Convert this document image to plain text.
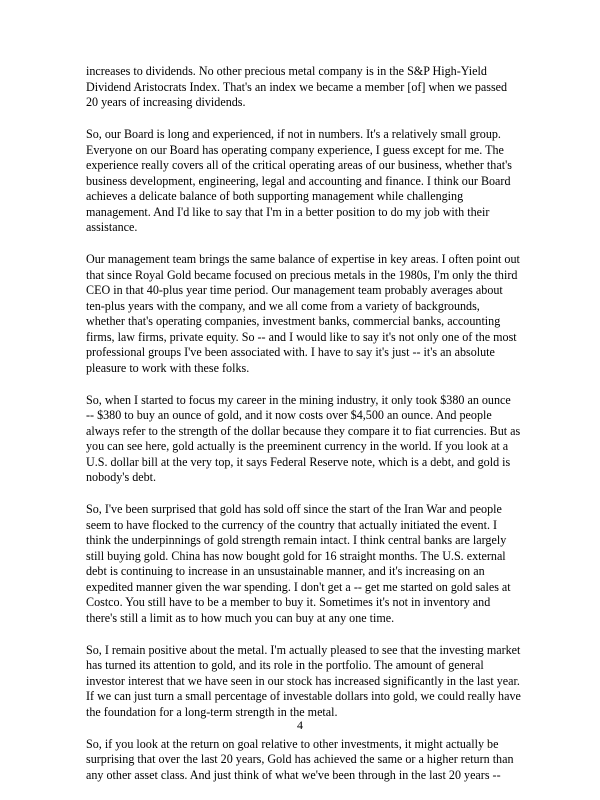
increases to dividends. No other precious metal company is in the S&P High-Yield
Dividend Aristocrats Index. That's an index we became a member [of] when we passed
20 years of increasing dividends.

So, our Board is long and experienced, if not in numbers. It's a relatively small group.
Everyone on our Board has operating company experience, I guess except for me. The
experience really covers all of the critical operating areas of our business, whether that's
business development, engineering, legal and accounting and finance. I think our Board
achieves a delicate balance of both supporting management while challenging
management. And I'd like to say that I'm in a better position to do my job with their
assistance.

Our management team brings the same balance of expertise in key areas. I often point out
that since Royal Gold became focused on precious metals in the 1980s, I'm only the third
CEO in that 40-plus year time period. Our management team probably averages about
ten-plus years with the company, and we all come from a variety of backgrounds,
whether that's operating companies, investment banks, commercial banks, accounting
firms, law firms, private equity. So -- and I would like to say it's not only one of the most
professional groups I've been associated with. I have to say it's just -- it's an absolute
pleasure to work with these folks.

So, when I started to focus my career in the mining industry, it only took $380 an ounce
-- $380 to buy an ounce of gold, and it now costs over $4,500 an ounce. And people
always refer to the strength of the dollar because they compare it to fiat currencies. But as
you can see here, gold actually is the preeminent currency in the world. If you look at a
U.S. dollar bill at the very top, it says Federal Reserve note, which is a debt, and gold is
nobody's debt.

So, I've been surprised that gold has sold off since the start of the Iran War and people
seem to have flocked to the currency of the country that actually initiated the event. I
think the underpinnings of gold strength remain intact. I think central banks are largely
still buying gold. China has now bought gold for 16 straight months. The U.S. external
debt is continuing to increase in an unsustainable manner, and it's increasing on an
expedited manner given the war spending. I don't get a -- get me started on gold sales at
Costco. You still have to be a member to buy it. Sometimes it's not in inventory and
there's still a limit as to how much you can buy at any one time.

So, I remain positive about the metal. I'm actually pleased to see that the investing market
has turned its attention to gold, and its role in the portfolio. The amount of general
investor interest that we have seen in our stock has increased significantly in the last year.
If we can just turn a small percentage of investable dollars into gold, we could really have
the foundation for a long-term strength in the metal.

So, if you look at the return on goal relative to other investments, it might actually be
surprising that over the last 20 years, Gold has achieved the same or a higher return than
any other asset class. And just think of what we've been through in the last 20 years --

4
